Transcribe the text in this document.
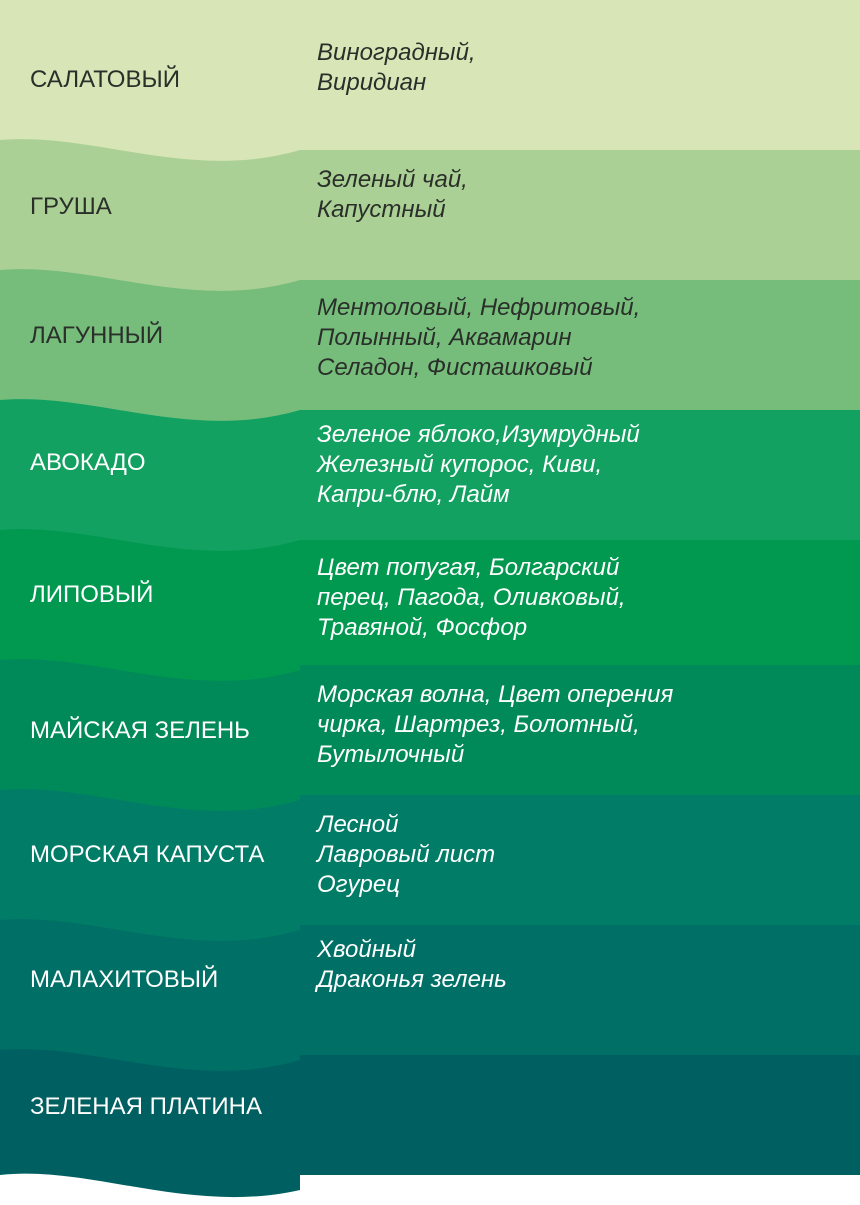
САЛАТОВЫЙ
Виноградный,
Виридиан
ГРУША
Зеленый чай,
Капустный
ЛАГУННЫЙ
Ментоловый, Нефритовый,
Полынный, Аквамарин
Селадон, Фисташковый
АВОКАДО
Зеленое яблоко,Изумрудный
Железный купорос, Киви,
Капри-блю, Лайм
ЛИПОВЫЙ
Цвет попугая, Болгарский
перец, Пагода, Оливковый,
Травяной, Фосфор
МАЙСКАЯ ЗЕЛЕНЬ
Морская волна, Цвет оперения
чирка, Шартрез, Болотный,
Бутылочный
МОРСКАЯ КАПУСТА
Лесной
Лавровый лист
Огурец
МАЛАХИТОВЫЙ
Хвойный
Драконья зелень
ЗЕЛЕНАЯ ПЛАТИНА
